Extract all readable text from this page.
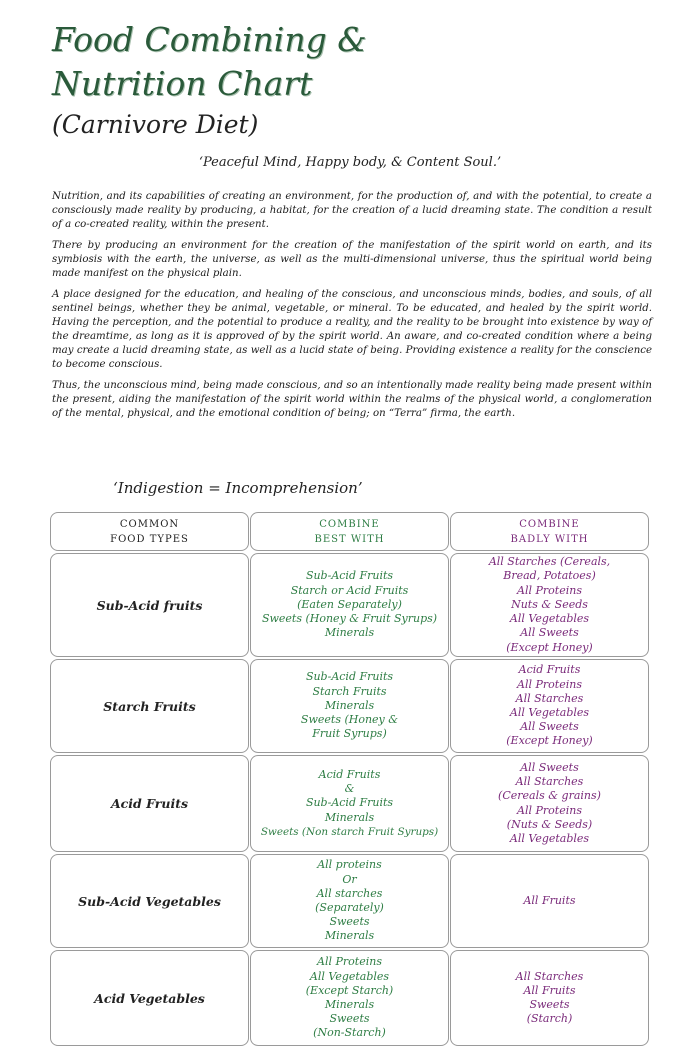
Food Combining &
Nutrition Chart
(Carnivore Diet)
‘Peaceful Mind, Happy body, & Content Soul.’

Nutrition, and its capabilities of creating an environment, for the production of, and with the potential, to create a consciously made reality by producing, a habitat, for the creation of a lucid dreaming state. The condition a result of a co-created reality, within the present.

There by producing an environment for the creation of the manifestation of the spirit world on earth, and its symbiosis with the earth, the universe, as well as the multi-dimensional universe, thus the spiritual world being made manifest on the physical plain.

A place designed for the education, and healing of the conscious, and unconscious minds, bodies, and souls, of all sentinel beings, whether they be animal, vegetable, or mineral. To be educated, and healed by the spirit world. Having the perception, and the potential to produce a reality, and the reality to be brought into existence by way of the dreamtime, as long as it is approved of by the spirit world. An aware, and co-created condition where a being may create a lucid dreaming state, as well as a lucid state of being. Providing existence a reality for the conscience to become conscious.

Thus, the unconscious mind, being made conscious, and so an intentionally made reality being made present within the present, aiding the manifestation of the spirit world within the realms of the physical world, a conglomeration of the mental, physical, and the emotional condition of being; on “Terra” firma, the earth.

‘Indigestion = Incomprehension’
COMMON
FOOD TYPES
COMBINE
BEST WITH
COMBINE
BADLY WITH
Sub-Acid fruits
Sub-Acid Fruits
Starch or Acid Fruits
(Eaten Separately)
Sweets (Honey & Fruit Syrups)
Minerals
All Starches (Cereals,
Bread, Potatoes)
All Proteins
Nuts & Seeds
All Vegetables
All Sweets
(Except Honey)
Starch Fruits
Sub-Acid Fruits
Starch Fruits
Minerals
Sweets (Honey &
Fruit Syrups)
Acid Fruits
All Proteins
All Starches
All Vegetables
All Sweets
(Except Honey)
Acid Fruits
Acid Fruits
&
Sub-Acid Fruits
Minerals
Sweets (Non starch Fruit Syrups)
All Sweets
All Starches
(Cereals & grains)
All Proteins
(Nuts & Seeds)
All Vegetables
Sub-Acid Vegetables
All proteins
Or
All starches
(Separately)
Sweets
Minerals
All Fruits
Acid Vegetables
All Proteins
All Vegetables
(Except Starch)
Minerals
Sweets
(Non-Starch)
All Starches
All Fruits
Sweets
(Starch)
